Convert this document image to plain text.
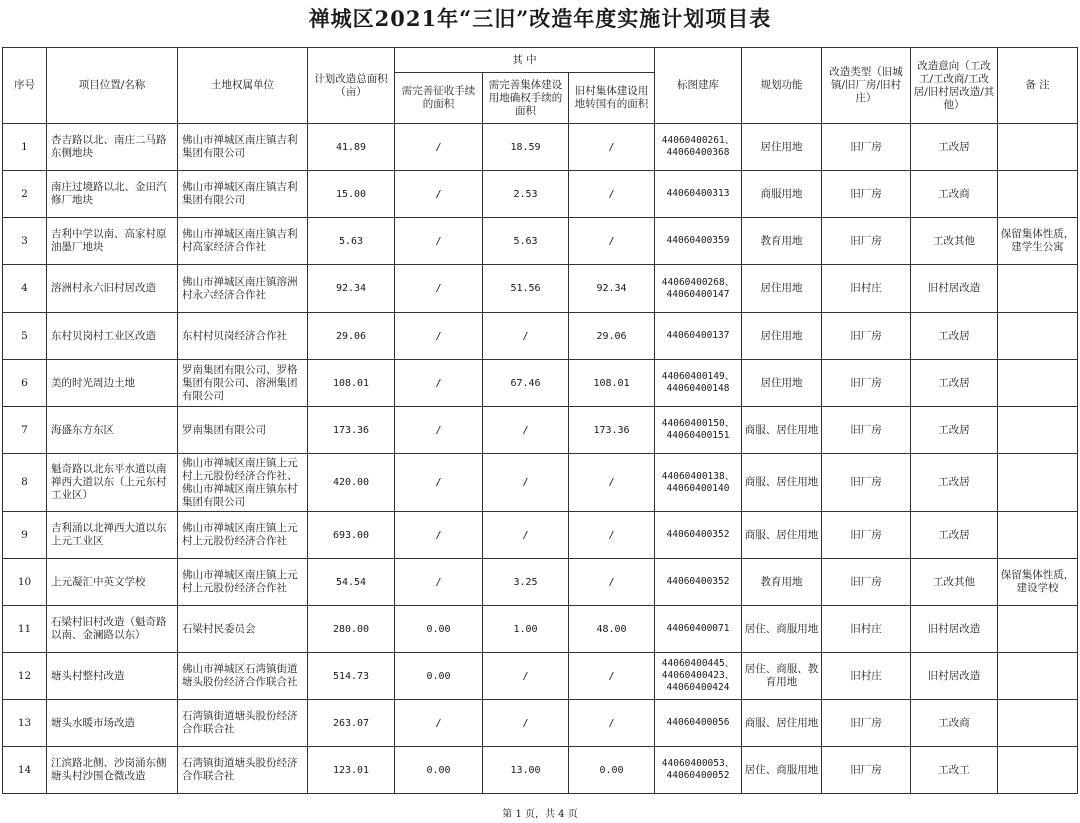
禅城区2021年“三旧”改造年度实施计划项目表
序号	项目位置/名称	土地权属单位	计划改造总面积（亩）	其 中			标图建库	规划功能	改造类型（旧城镇/旧厂房/旧村庄）	改造意向（工改工/工改商/工改居/旧村居改造/其他）	备 注
				需完善征收手续的面积	需完善集体建设用地确权手续的面积	旧村集体建设用地转国有的面积					
1	杏吉路以北、南庄二马路东侧地块	佛山市禅城区南庄镇吉利集团有限公司	41.89	/	18.59	/	44060400261、44060400368	居住用地	旧厂房	工改居	
2	南庄过境路以北、金田汽修厂地块	佛山市禅城区南庄镇吉利集团有限公司	15.00	/	2.53	/	44060400313	商服用地	旧厂房	工改商	
3	吉利中学以南、高家村原油墨厂地块	佛山市禅城区南庄镇吉利村高家经济合作社	5.63	/	5.63	/	44060400359	教育用地	旧厂房	工改其他	保留集体性质，建学生公寓
4	溶洲村永六旧村居改造	佛山市禅城区南庄镇溶洲村永六经济合作社	92.34	/	51.56	92.34	44060400268、44060400147	居住用地	旧村庄	旧村居改造	
5	东村贝岗村工业区改造	东村村贝岗经济合作社	29.06	/	/	29.06	44060400137	居住用地	旧厂房	工改居	
6	美的时光周边土地	罗南集团有限公司、罗格集团有限公司、溶洲集团有限公司	108.01	/	67.46	108.01	44060400149、44060400148	居住用地	旧厂房	工改居	
7	海盛东方东区	罗南集团有限公司	173.36	/	/	173.36	44060400150、44060400151	商服、居住用地	旧厂房	工改居	
8	魁奇路以北东平水道以南禅西大道以东（上元东村工业区）	佛山市禅城区南庄镇上元村上元股份经济合作社、佛山市禅城区南庄镇东村集团有限公司	420.00	/	/	/	44060400138、44060400140	商服、居住用地	旧厂房	工改居	
9	吉利涌以北禅西大道以东上元工业区	佛山市禅城区南庄镇上元村上元股份经济合作社	693.00	/	/	/	44060400352	商服、居住用地	旧厂房	工改居	
10	上元凝汇中英文学校	佛山市禅城区南庄镇上元村上元股份经济合作社	54.54	/	3.25	/	44060400352	教育用地	旧厂房	工改其他	保留集体性质，建设学校
11	石梁村旧村改造（魁奇路以南、金澜路以东）	石梁村民委员会	280.00	0.00	1.00	48.00	44060400071	居住、商服用地	旧村庄	旧村居改造	
12	塘头村整村改造	佛山市禅城区石湾镇街道塘头股份经济合作联合社	514.73	0.00	/	/	44060400445、44060400423、44060400424	居住、商服、教育用地	旧村庄	旧村居改造	
13	塘头水暖市场改造	石湾镇街道塘头股份经济合作联合社	263.07	/	/	/	44060400056	商服、居住用地	旧厂房	工改商	
14	江滨路北侧、沙岗涌东侧塘头村沙围仓微改造	石湾镇街道塘头股份经济合作联合社	123.01	0.00	13.00	0.00	44060400053、44060400052	居住、商服用地	旧厂房	工改工	
第 1 页，共 4 页
